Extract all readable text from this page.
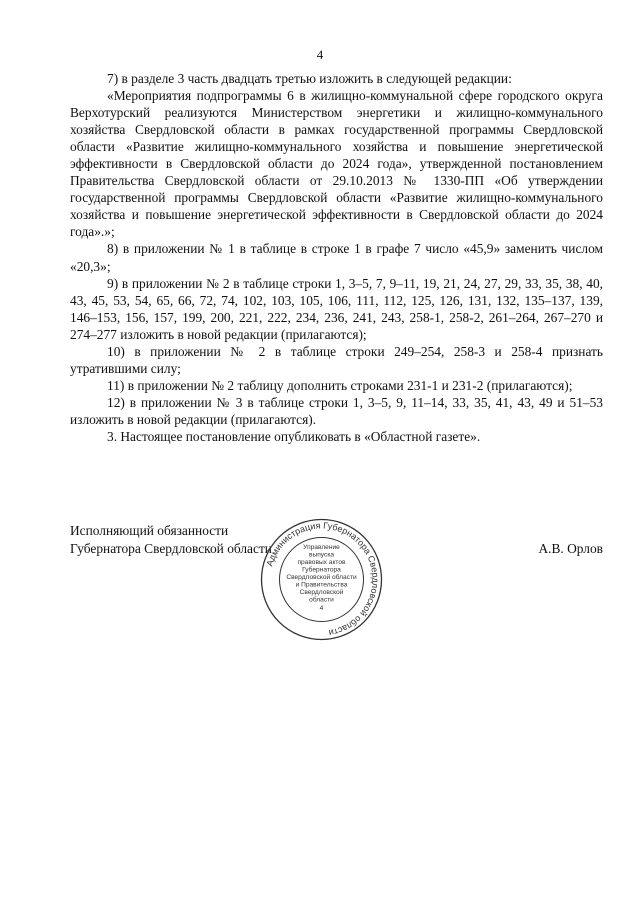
4

7) в разделе 3 часть двадцать третью изложить в следующей редакции:

«Мероприятия подпрограммы 6 в жилищно-коммунальной сфере городского округа Верхотурский реализуются Министерством энергетики и жилищно-коммунального хозяйства Свердловской области в рамках государственной программы Свердловской области «Развитие жилищно-коммунального хозяйства и повышение энергетической эффективности в Свердловской области до 2024 года», утвержденной постановлением Правительства Свердловской области от 29.10.2013 № 1330-ПП «Об утверждении государственной программы Свердловской области «Развитие жилищно-коммунального хозяйства и повышение энергетической эффективности в Свердловской области до 2024 года».»;

8) в приложении № 1 в таблице в строке 1 в графе 7 число «45,9» заменить числом «20,3»;

9) в приложении № 2 в таблице строки 1, 3–5, 7, 9–11, 19, 21, 24, 27, 29, 33, 35, 38, 40, 43, 45, 53, 54, 65, 66, 72, 74, 102, 103, 105, 106, 111, 112, 125, 126, 131, 132, 135–137, 139, 146–153, 156, 157, 199, 200, 221, 222, 234, 236, 241, 243, 258-1, 258-2, 261–264, 267–270 и 274–277 изложить в новой редакции (прилагаются);

10) в приложении № 2 в таблице строки 249–254, 258-3 и 258-4 признать утратившими силу;

11) в приложении № 2 таблицу дополнить строками 231-1 и 231-2 (прилагаются);

12) в приложении № 3 в таблице строки 1, 3–5, 9, 11–14, 33, 35, 41, 43, 49 и 51–53 изложить в новой редакции (прилагаются).

3. Настоящее постановление опубликовать в «Областной газете».

Исполняющий обязанности
Губернатора Свердловской области	А.В. Орлов
Администрация Губернатора Свердловской области
Управление
выпуска
правовых актов
Губернатора
Свердловской области
и Правительства
Свердловской
области
4
